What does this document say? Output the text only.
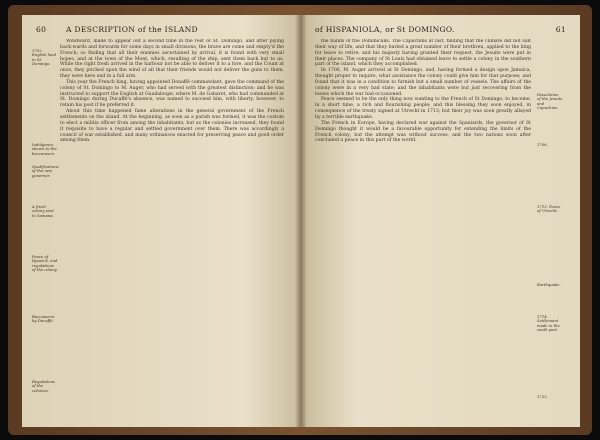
60	A DESCRIPTION of the ISLAND

Windward, made to appear out a second time in the rest of St. Domingo, and after plying back-wards and forwards for some days in small divisions, the brave are come and empty'd the French; so finding that all their enemies ascertained by arrival, it is found with very small hopes, and at the town of the Mont, which, resulting of the ship, sent them back but to us. While the right fresh arrived in the harbour not be able to deliver it to a fore, and the Count at once, they pitched upon the wind of all that their friends would not deliver the guns to them, they were here and in a full arm.

This year the French king, having appointed Donaffé commandant, gave the command of the colony of St. Domingo to M. Auger, who had served with the greatest distinction; and he was instructed to support the English at Guadaloupe, where M. de Gabaret, who had commanded at St. Domingo during Ducaffé's absence, was named to succeed him, with liberty, however, to retain his post if he preferred it.

About this time happened fame alterations in the general government of the French settlements on the island. At the beginning, as soon as a parish was formed, it was the custom to elect a militia officer from among the inhabitants; but as the colonies increased, they found it requisite to have a regular and settled government over them. There was accordingly a council of war established, and many ordinances enacted for preserving peace and good order among them.

1702. English land in St. Domingo.
Indulgence shewn to the buccaneers.
Qualifications of the new governor.
A fresh colony sent to Samana.
Peace of Ryswick, and regulations of the colony.
Buccaneers by Ducaffé.
Regulations of the colonies.
of HISPANIOLA, or St DOMINGO.	61

the hands of the Dominicans. The Capuchins at last, finding that the climate did not suit their way of life, and that they buried a great number of their brethren, applied to the king for leave to retire; and his majesty having granted their request, the Jesuits were put in their places. The company of St Louis had obtained leave to settle a colony in the southern part of the island, which they accomplished.

In 1706, M. Auger arrived at St Domingo, and, having formed a design upon Jamaica, thought proper to inquire, what assistance the colony could give him for that purpose; and found that it was in a condition to furnish but a small number of vessels. The affairs of the colony were in a very bad state; and the inhabitants were but just recovering from the losses which the war had occasioned.

Peace seemed to be the only thing now wanting to the French of St Domingo, to become, in a short time, a rich and flourishing people; and this blessing they soon enjoyed, in consequence of the treaty signed at Utrecht in 1713; but their joy was soon greatly allayed by a terrible earthquake.

The French in Europe, having declared war against the Spaniards, the governor of St Domingo thought it would be a favourable opportunity for extending the limits of the French colony; but the attempt was without success, and the two nations soon after concluded a peace in this part of the world.

Dissolution of the Jesuits and Capuchins.
1706.
1713. Peace of Utrecht.
Earthquake.
1714. Settlement made in the south part.
1722.
